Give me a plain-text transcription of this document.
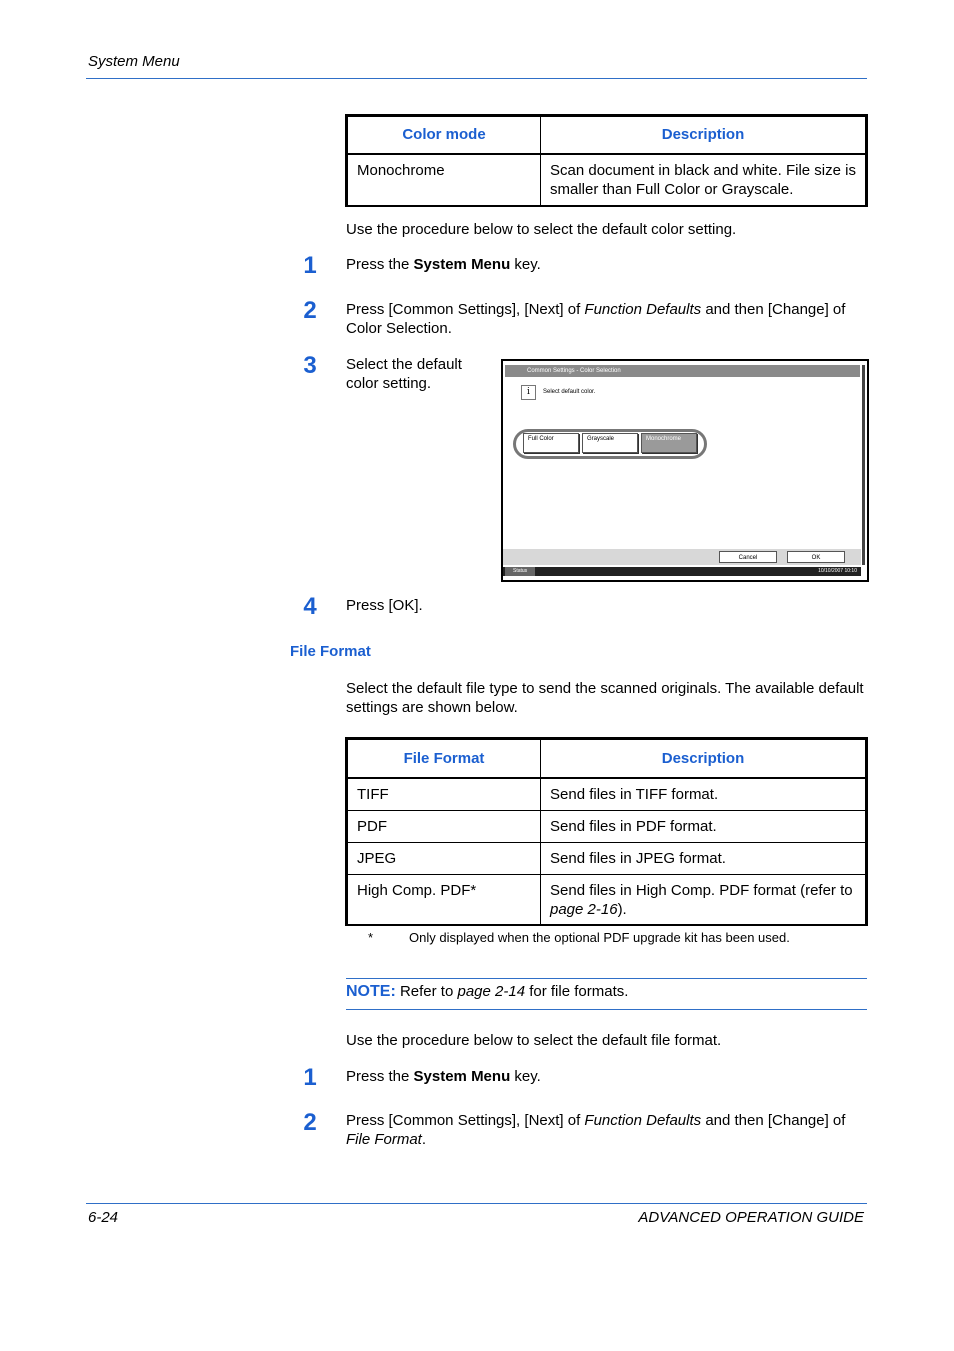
System Menu
Color mode	Description
Monochrome	Scan document in black and white. File size is smaller than Full Color or Grayscale.
Use the procedure below to select the default color setting.
1	Press the System Menu key.
2	Press [Common Settings], [Next] of Function Defaults and then [Change] of Color Selection.
3	Select the default color setting.
Common Settings - Color Selection
i	Select default color.
Full Color	Grayscale	Monochrome
Cancel	OK
Status	10/10/2007 10:10
4	Press [OK].
File Format
Select the default file type to send the scanned originals. The available default settings are shown below.
File Format	Description
TIFF	Send files in TIFF format.
PDF	Send files in PDF format.
JPEG	Send files in JPEG format.
High Comp. PDF*	Send files in High Comp. PDF format (refer to page 2-16).
*	Only displayed when the optional PDF upgrade kit has been used.
NOTE: Refer to page 2-14 for file formats.
Use the procedure below to select the default file format.
1	Press the System Menu key.
2	Press [Common Settings], [Next] of Function Defaults and then [Change] of File Format.
6-24	ADVANCED OPERATION GUIDE
